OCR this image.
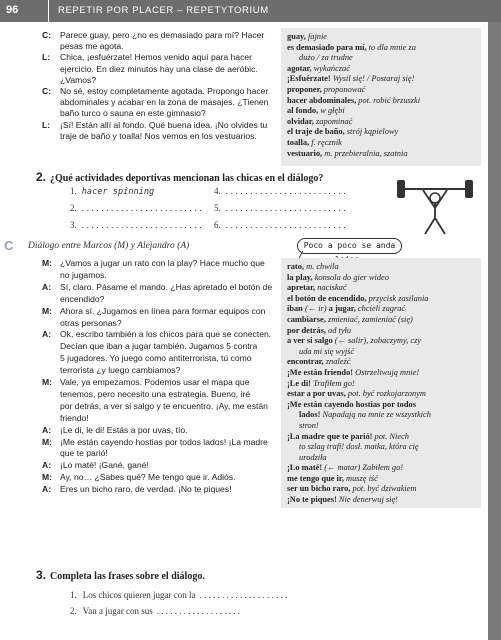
96	REPETIR POR PLACER – REPETYTORIUM
C: Parece guay, pero ¿no es demasiado para mí? Hacer
pesas me agota.
L: Chica, ¡esfuérzate! Hemos venido aquí para hacer
ejercicio. En diez minutos hay una clase de aeróbic.
¿Vamos?
C: No sé, estoy completamente agotada. Propongo hacer
abdominales y acabar en la zona de masajes. ¿Tienen
baño turco o sauna en este gimnasio?
L: ¡Sí! Están allí al fondo. Qué buena idea. ¡No olvides tu
traje de baño y toalla! Nos vemos en los vestuarios.
guay, fajnie
es demasiado para mí, to dla mnie za
dużo / za trudne
agotar, wykańczać
¡Esfuérzate! Wysil się! / Postaraj się!
proponer, proponować
hacer abdominales, pot. robić brzuszki
al fondo, w głębi
olvidar, zapominać
el traje de baño, strój kąpielowy
toalla, f. ręcznik
vestuario, m. przebieralnia, szatnia
2. ¿Qué actividades deportivas mencionan las chicas en el diálogo?
1. hacer spinning	4. . . . . . . . . . . . . . . . . . . . . . . . . .
2. . . . . . . . . . . . . . . . . . . . . . . . . . 5. . . . . . . . . . . . . . . . . . . . . . . . . .
3. . . . . . . . . . . . . . . . . . . . . . . . . . 6. . . . . . . . . . . . . . . . . . . . . . . . . .
C Diálogo entre Marcos (M) y Alejandro (A)	Poco a poco se anda
M: ¿Vamos a jugar un rato con la play? Hace mucho que
no jugamos.
A: Sí, claro. Pásame el mando. ¿Has apretado el botón de
encendido?
M: Ahora sí. ¿Jugamos en línea para formar equipos con
otras personas?
A: Ok, escribo también a los chicos para que se conecten.
Decían que iban a jugar también. Jugamos 5 contra
5 jugadores. Yo juego como antiterrorista, tú como
terrorista ¿y luego cambiamos?
M: Vale, ya empezamos. Podemos usar el mapa que
tenemos, pero necesito una estrategia. Bueno, iré
por detrás, a ver si salgo y te encuentro. ¡Ay, me están
friendo!
A: ¡Le di, le di! Estás a por uvas, tío.
M: ¡Me están cayendo hostias por todos lados! ¡La madre
que te parió!
A: ¡Lo maté! ¡Gané, gané!
M: Ay, no… ¿Sabes qué? Me tengo que ir. Adiós.
A: Eres un bicho raro, de verdad. ¡No te piques!
rato, m. chwila
la play, konsola do gier wideo
apretar, naciskać
el botón de encendido, przycisk zasilania
iban (← ir) a jugar, chcieli zagrać
cambiarse, zmieniać, zamieniać (się)
por detrás, od tyłu
a ver si salgo (← salir), zobaczymy, czy
uda mi się wyjść
encontrar, znaleźć
¡Me están friendo! Ostrzeliwują mnie!
¡Le di! Trafiłem go!
estar a por uvas, pot. być rozkojarzonym
¡Me están cayendo hostias por todos
lados! Napadają na mnie ze wszystkich
stron!
¡La madre que te parió! pot. Niech
to szlag trafi! dosł. matka, która cię
urodziła
¡Lo maté! (← matar) Zabiłem go!
me tengo que ir, muszę iść
ser un bicho raro, pot. być dziwakiem
¡No te piques! Nie denerwuj się!
3. Completa las frases sobre el diálogo.
1. Los chicos quieren jugar con la . . . . . . . . . . . . . . . . . . . .
2. Van a jugar con sus . . . . . . . . . . . . . . . . . . .
